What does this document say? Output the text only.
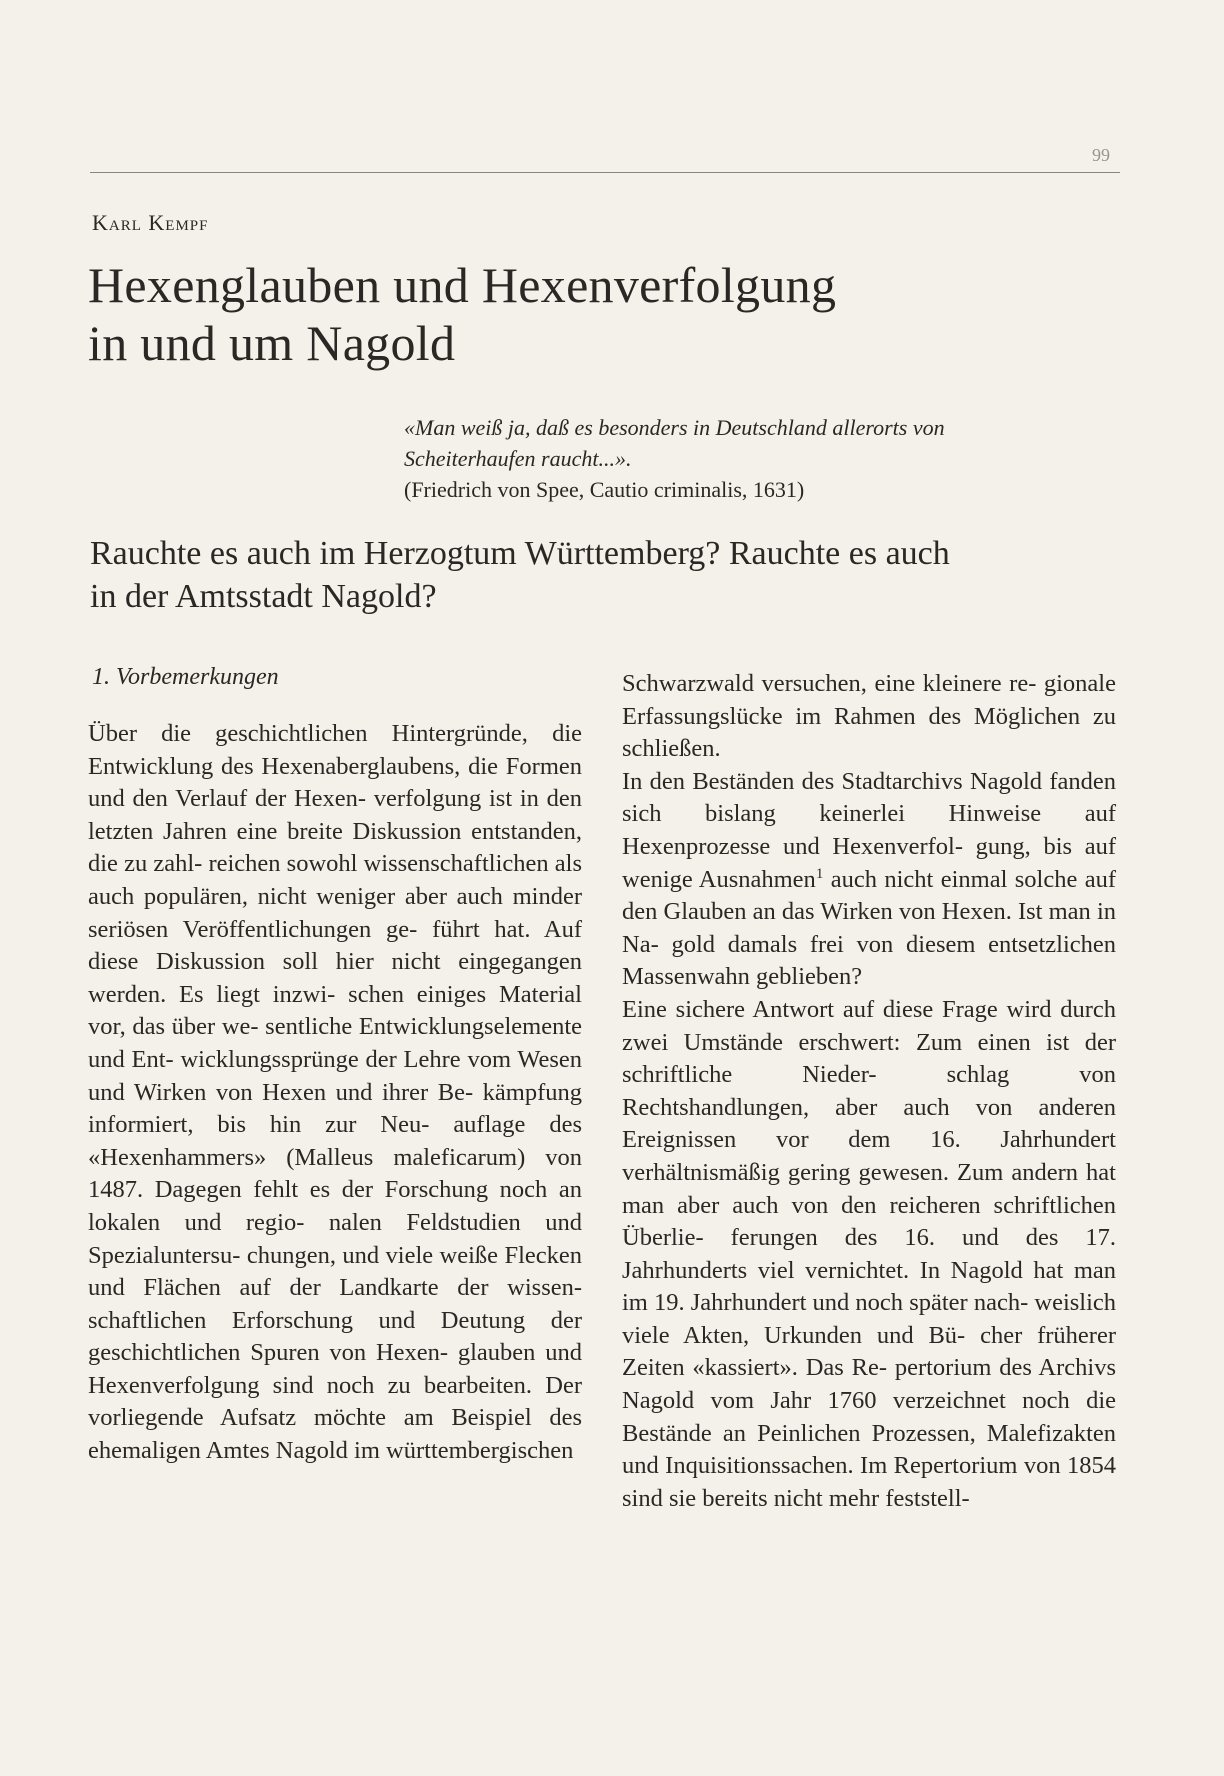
99
Karl Kempf
Hexenglauben und Hexenverfolgung
in und um Nagold
«Man weiß ja, daß es besonders in Deutschland allerorts von
Scheiterhaufen raucht...».
(Friedrich von Spee, Cautio criminalis, 1631)
Rauchte es auch im Herzogtum Württemberg? Rauchte es auch
in der Amtsstadt Nagold?
1. Vorbemerkungen

Über die geschichtlichen Hintergründe, die Entwicklung des Hexenaberglaubens, die Formen und den Verlauf der Hexen- verfolgung ist in den letzten Jahren eine breite Diskussion entstanden, die zu zahl- reichen sowohl wissenschaftlichen als auch populären, nicht weniger aber auch minder seriösen Veröffentlichungen ge- führt hat. Auf diese Diskussion soll hier nicht eingegangen werden. Es liegt inzwi- schen einiges Material vor, das über we- sentliche Entwicklungselemente und Ent- wicklungssprünge der Lehre vom Wesen und Wirken von Hexen und ihrer Be- kämpfung informiert, bis hin zur Neu- auflage des «Hexenhammers» (Malleus maleficarum) von 1487. Dagegen fehlt es der Forschung noch an lokalen und regio- nalen Feldstudien und Spezialuntersu- chungen, und viele weiße Flecken und Flächen auf der Landkarte der wissen- schaftlichen Erforschung und Deutung der geschichtlichen Spuren von Hexen- glauben und Hexenverfolgung sind noch zu bearbeiten. Der vorliegende Aufsatz möchte am Beispiel des ehemaligen Amtes Nagold im württembergischen

Schwarzwald versuchen, eine kleinere re- gionale Erfassungslücke im Rahmen des Möglichen zu schließen.

In den Beständen des Stadtarchivs Nagold fanden sich bislang keinerlei Hinweise auf Hexenprozesse und Hexenverfol- gung, bis auf wenige Ausnahmen$^1$ auch nicht einmal solche auf den Glauben an das Wirken von Hexen. Ist man in Na- gold damals frei von diesem entsetzlichen Massenwahn geblieben?

Eine sichere Antwort auf diese Frage wird durch zwei Umstände erschwert: Zum einen ist der schriftliche Nieder-	schlag von Rechtshandlungen, aber auch von anderen Ereignissen vor dem 16. Jahrhundert verhältnismäßig gering gewesen. Zum andern hat man aber auch von den reicheren schriftlichen Überlie- ferungen des 16. und des 17. Jahrhunderts viel vernichtet. In Nagold hat man im 19. Jahrhundert und noch später nach- weislich viele Akten, Urkunden und Bü- cher früherer Zeiten «kassiert». Das Re- pertorium des Archivs Nagold vom Jahr 1760 verzeichnet noch die Bestände an Peinlichen Prozessen, Malefizakten und Inquisitionssachen. Im Repertorium von 1854 sind sie bereits nicht mehr feststell-
